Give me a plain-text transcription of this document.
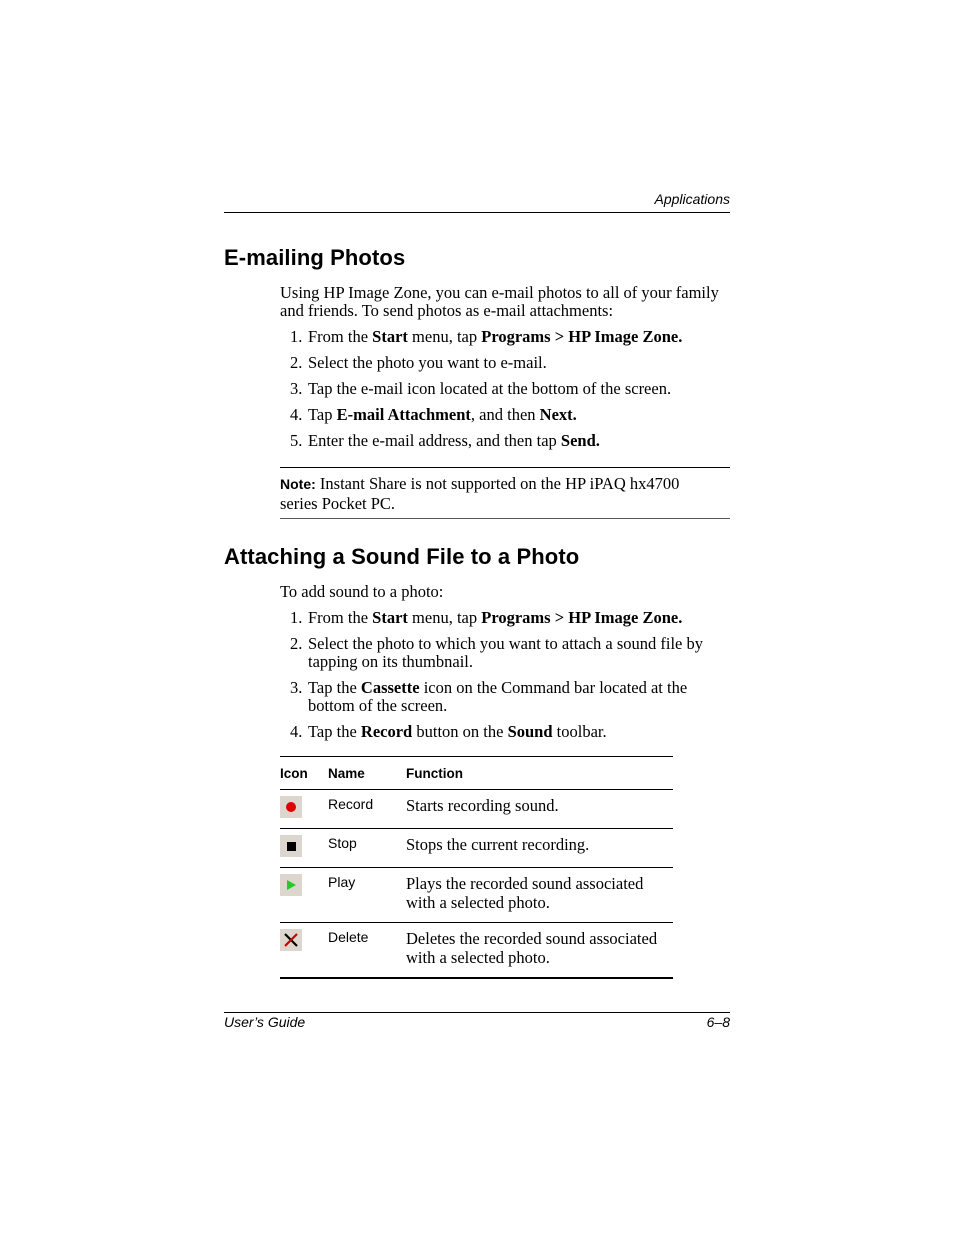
Applications
E-mailing Photos

Using HP Image Zone, you can e-mail photos to all of your family and friends. To send photos as e-mail attachments:

1. From the Start menu, tap Programs > HP Image Zone.
2. Select the photo you want to e-mail.
3. Tap the e-mail icon located at the bottom of the screen.
4. Tap E-mail Attachment, and then Next.
5. Enter the e-mail address, and then tap Send.
Note: Instant Share is not supported on the HP iPAQ hx4700 series Pocket PC.
Attaching a Sound File to a Photo

To add sound to a photo:

1. From the Start menu, tap Programs > HP Image Zone.
2. Select the photo to which you want to attach a sound file by tapping on its thumbnail.
3. Tap the Cassette icon on the Command bar located at the bottom of the screen.
4. Tap the Record button on the Sound toolbar.
Icon	Name	Function

	Record	Starts recording sound.

	Stop	Stops the current recording.

	Play	Plays the recorded sound associated with a selected photo.

	Delete	Deletes the recorded sound associated with a selected photo.
User’s Guide	6–8
